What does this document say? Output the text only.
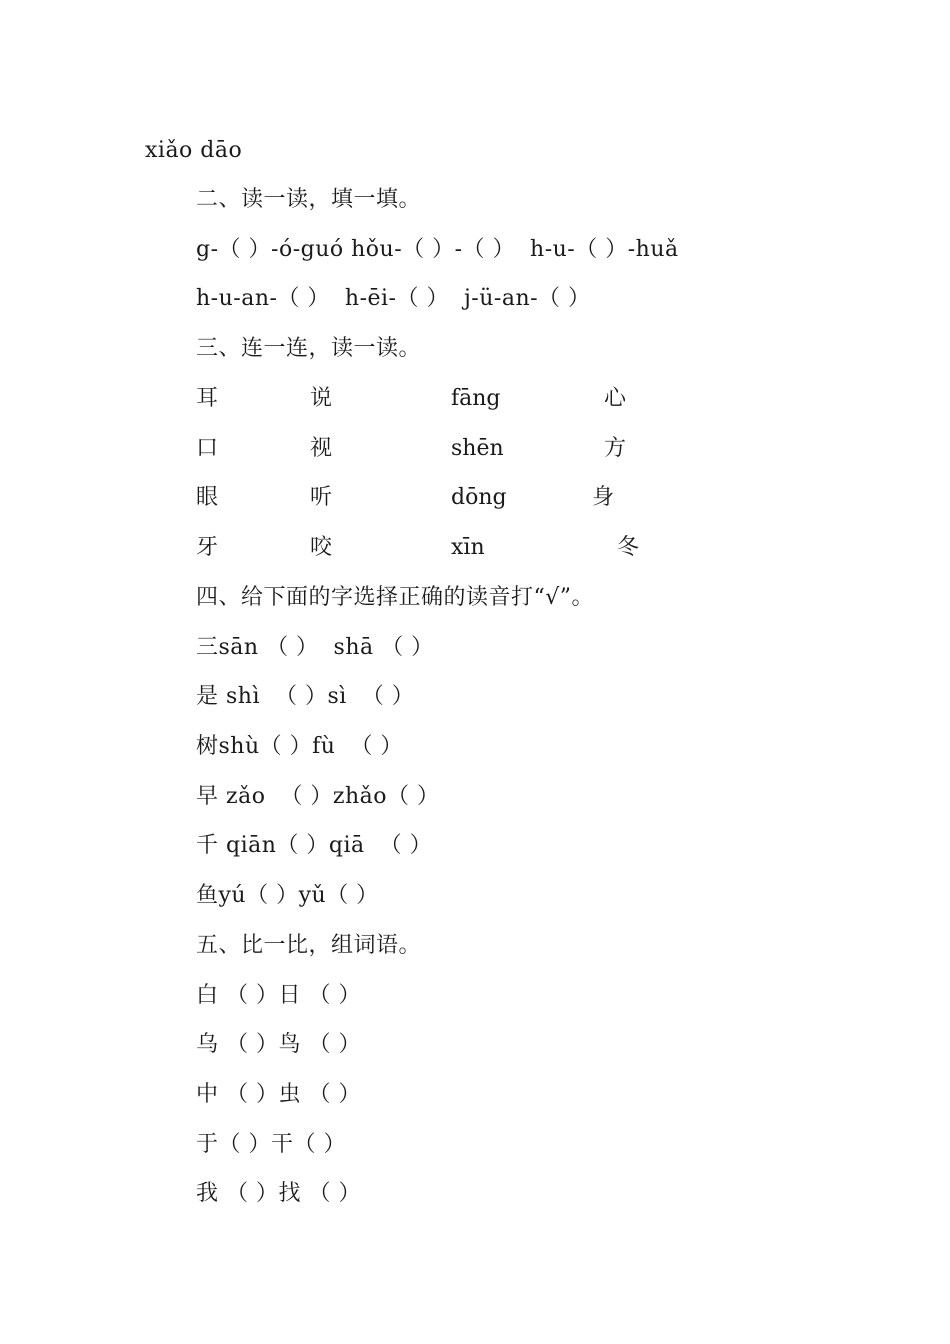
xiǎo dāo
二、读一读，填一填。
g-（ ）-ó-guó hǒu-（ ）-（ ）  h-u-（ ）-huǎ
h-u-an-（ ）  h-ēi-（ ）  j-ü-an-（ ）
三、连一连，读一读。
耳	说	fāng	心
口	视	shēn	方
眼	听	dōng	身
牙	咬	xīn	冬
四、给下面的字选择正确的读音打“√”。
三sān （ ）  shā （ ）
是 shì  （ ）sì  （ ）
树shù（ ）fù  （ ）
早 zǎo  （ ）zhǎo（ ）
千 qiān（ ）qiā  （ ）
鱼yú（ ）yǔ（ ）
五、比一比，组词语。
白 （ ）日 （ ）
乌 （ ）鸟 （ ）
中 （ ）虫 （ ）
于（ ）干（ ）
我 （ ）找 （ ）
